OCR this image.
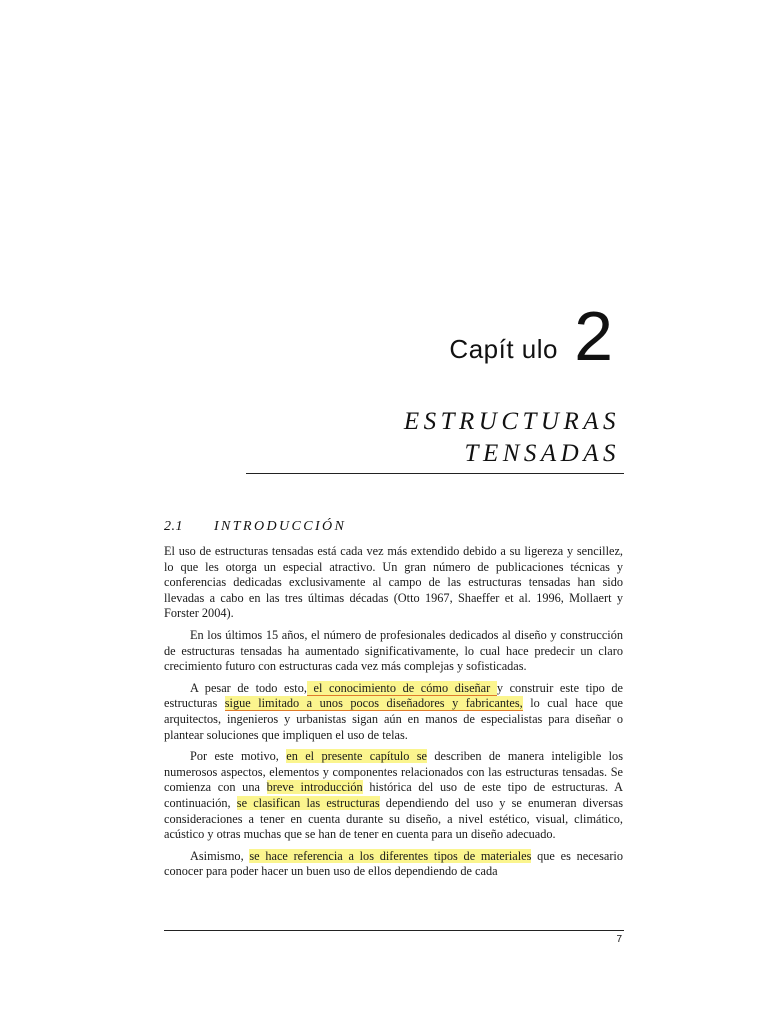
Capít ulo 2
ESTRUCTURAS
TENSADAS
2.1 INTRODUCCIÓN

El uso de estructuras tensadas está cada vez más extendido debido a su ligereza y sencillez, lo que les otorga un especial atractivo. Un gran número de publicaciones técnicas y conferencias dedicadas exclusivamente al campo de las estructuras tensadas han sido llevadas a cabo en las tres últimas décadas (Otto 1967, Shaeffer et al. 1996, Mollaert y Forster 2004).

En los últimos 15 años, el número de profesionales dedicados al diseño y construcción de estructuras tensadas ha aumentado significativamente, lo cual hace predecir un claro crecimiento futuro con estructuras cada vez más complejas y sofisticadas.

A pesar de todo esto, el conocimiento de cómo diseñar y construir este tipo de estructuras sigue limitado a unos pocos diseñadores y fabricantes, lo cual hace que arquitectos, ingenieros y urbanistas sigan aún en manos de especialistas para diseñar o plantear soluciones que impliquen el uso de telas.

Por este motivo, en el presente capítulo se describen de manera inteligible los numerosos aspectos, elementos y componentes relacionados con las estructuras tensadas. Se comienza con una breve introducción histórica del uso de este tipo de estructuras. A continuación, se clasifican las estructuras dependiendo del uso y se enumeran diversas consideraciones a tener en cuenta durante su diseño, a nivel estético, visual, climático, acústico y otras muchas que se han de tener en cuenta para un diseño adecuado.

Asimismo, se hace referencia a los diferentes tipos de materiales que es necesario conocer para poder hacer un buen uso de ellos dependiendo de cada

7
